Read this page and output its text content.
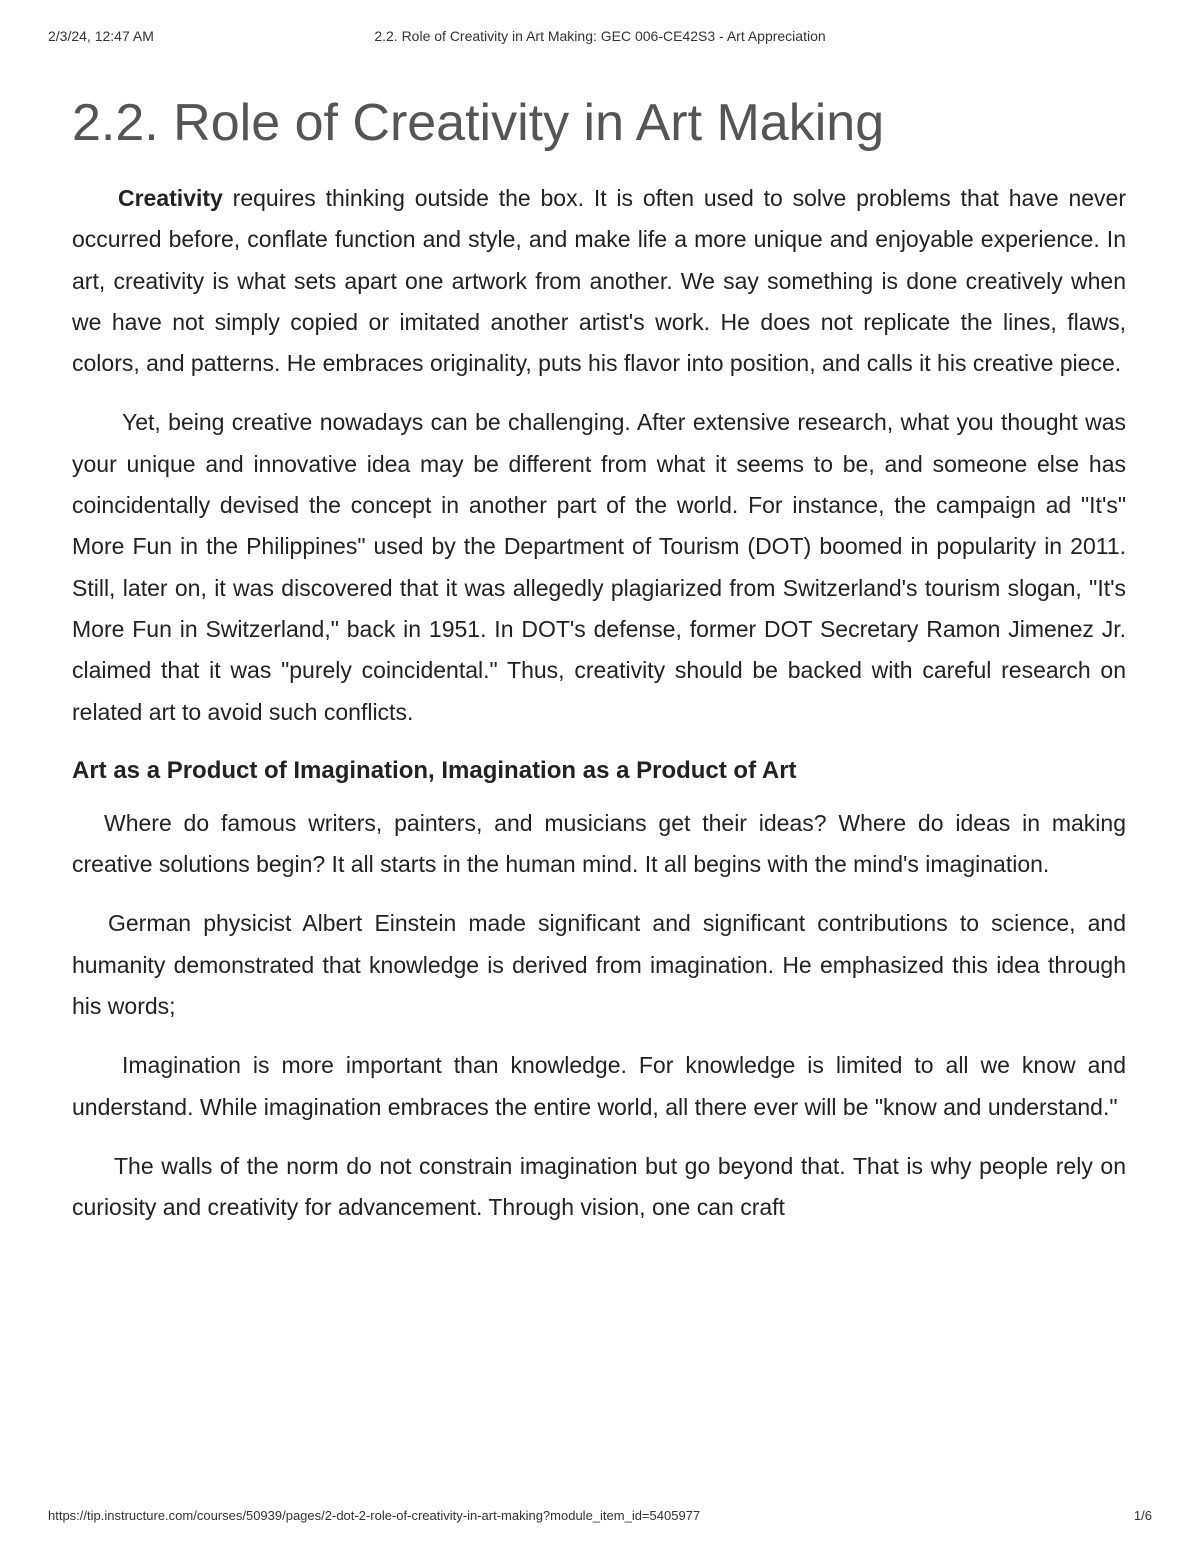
2/3/24, 12:47 AM	2.2. Role of Creativity in Art Making: GEC 006-CE42S3 - Art Appreciation
2.2. Role of Creativity in Art Making

Creativity requires thinking outside the box. It is often used to solve problems that have never occurred before, conflate function and style, and make life a more unique and enjoyable experience. In art, creativity is what sets apart one artwork from another. We say something is done creatively when we have not simply copied or imitated another artist's work. He does not replicate the lines, flaws, colors, and patterns. He embraces originality, puts his flavor into position, and calls it his creative piece.

Yet, being creative nowadays can be challenging. After extensive research, what you thought was your unique and innovative idea may be different from what it seems to be, and someone else has coincidentally devised the concept in another part of the world. For instance, the campaign ad "It's" More Fun in the Philippines" used by the Department of Tourism (DOT) boomed in popularity in 2011. Still, later on, it was discovered that it was allegedly plagiarized from Switzerland's tourism slogan, "It's More Fun in Switzerland," back in 1951. In DOT's defense, former DOT Secretary Ramon Jimenez Jr. claimed that it was "purely coincidental." Thus, creativity should be backed with careful research on related art to avoid such conflicts.

Art as a Product of Imagination, Imagination as a Product of Art

Where do famous writers, painters, and musicians get their ideas? Where do ideas in making creative solutions begin? It all starts in the human mind. It all begins with the mind's imagination.

German physicist Albert Einstein made significant and significant contributions to science, and humanity demonstrated that knowledge is derived from imagination. He emphasized this idea through his words;

Imagination is more important than knowledge. For knowledge is limited to all we know and understand. While imagination embraces the entire world, all there ever will be "know and understand."

The walls of the norm do not constrain imagination but go beyond that. That is why people rely on curiosity and creativity for advancement. Through vision, one can craft

https://tip.instructure.com/courses/50939/pages/2-dot-2-role-of-creativity-in-art-making?module_item_id=5405977	1/6
